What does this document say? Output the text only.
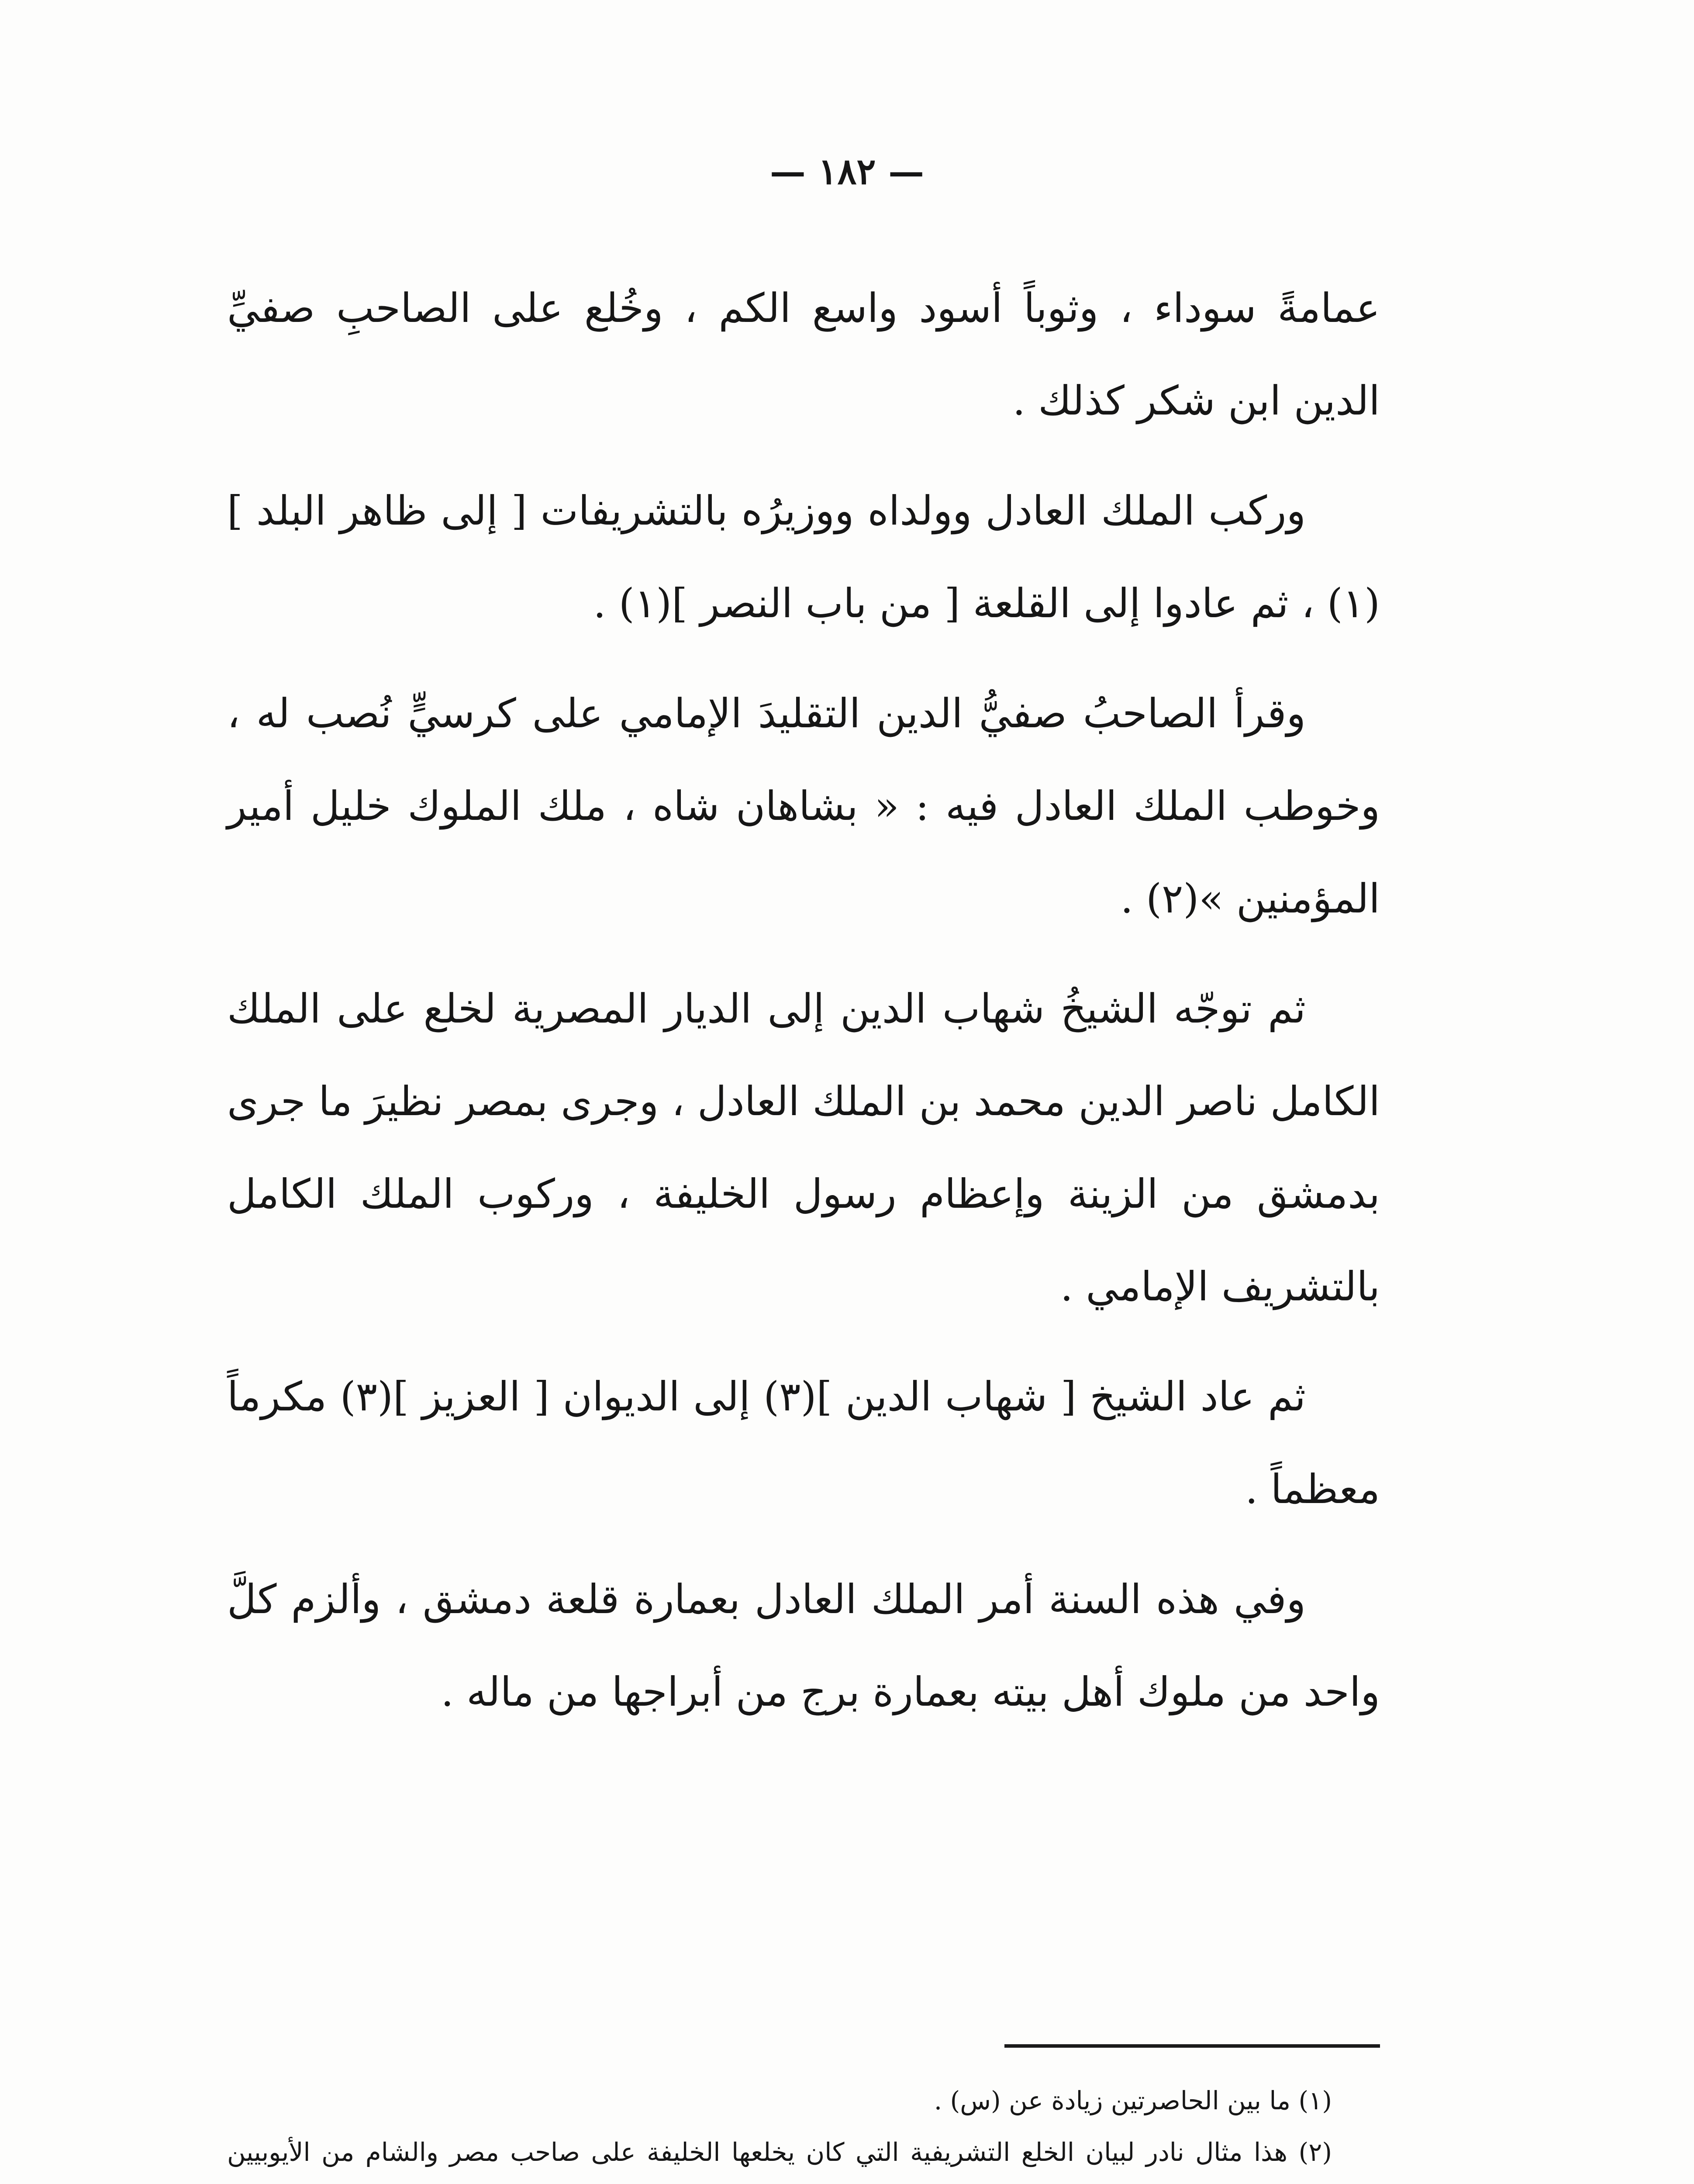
— ١٨٢ —

عمامةً سوداء ، وثوباً أسود واسع الكم ، وخُلع على الصاحبِ صفيِّ الدين ابن شكر كذلك .

وركب الملك العادل وولداه ووزيرُه بالتشريفات [ إلى ظاهر البلد ](١) ، ثم عادوا إلى القلعة [ من باب النصر ](١) .

وقرأ الصاحبُ صفيُّ الدين التقليدَ الإمامي على كرسيٍّ نُصب له ، وخوطب الملك العادل فيه : « بشاهان شاه ، ملك الملوك خليل أمير المؤمنين »(٢) .

ثم توجّه الشيخُ شهاب الدين إلى الديار المصرية لخلع على الملك الكامل ناصر الدين محمد بن الملك العادل ، وجرى بمصر نظيرَ ما جرى بدمشق من الزينة وإعظام رسول الخليفة ، وركوب الملك الكامل بالتشريف الإمامي .

ثم عاد الشيخ [ شهاب الدين ](٣) إلى الديوان [ العزيز ](٣) مكرماً معظماً .

وفي هذه السنة أمر الملك العادل بعمارة قلعة دمشق ، وألزم كلَّ واحد من ملوك أهل بيته بعمارة برج من أبراجها من ماله .

(١) ما بين الحاصرتين زيادة عن (س) .

(٢) هذا مثال نادر لبيان الخلع التشريفية التي كان يخلعها الخليفة على صاحب مصر والشام من الأيوبيين
